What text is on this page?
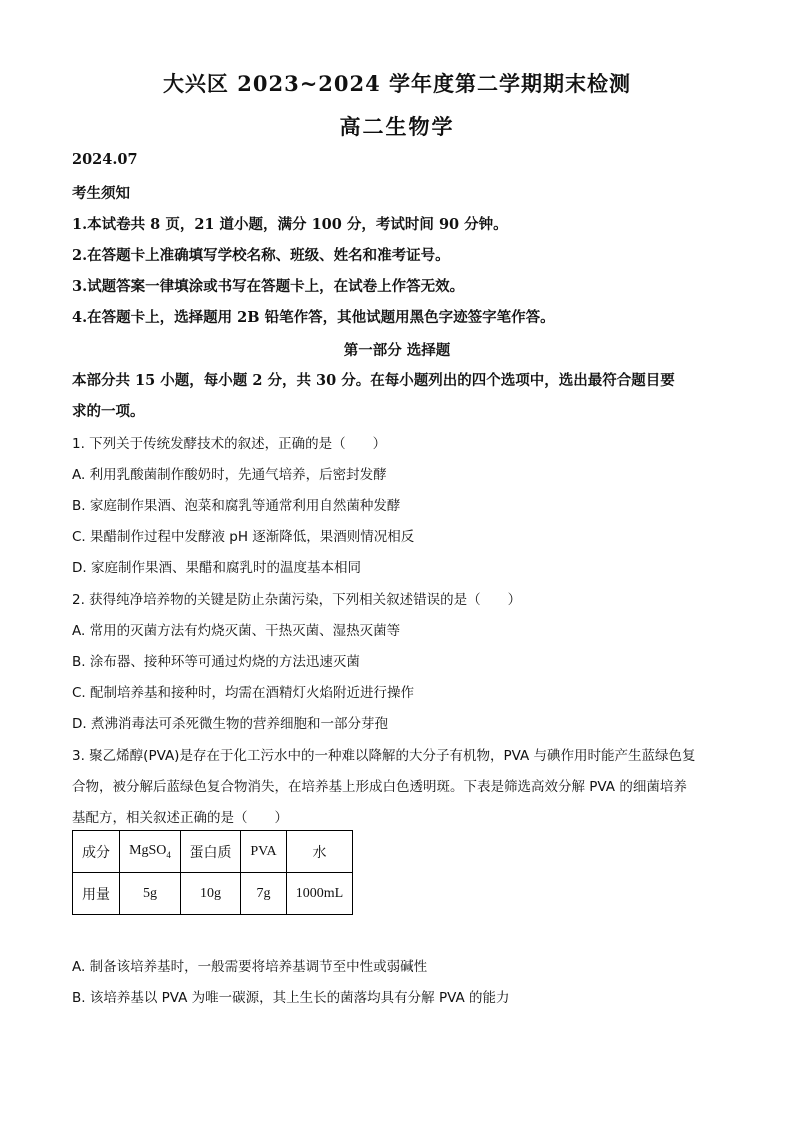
大兴区 2023~2024 学年度第二学期期末检测
高二生物学
2024.07
考生须知
1.本试卷共 8 页，21 道小题，满分 100 分，考试时间 90 分钟。
2.在答题卡上准确填写学校名称、班级、姓名和准考证号。
3.试题答案一律填涂或书写在答题卡上，在试卷上作答无效。
4.在答题卡上，选择题用 2B 铅笔作答，其他试题用黑色字迹签字笔作答。
第一部分 选择题
本部分共 15 小题，每小题 2 分，共 30 分。在每小题列出的四个选项中，选出最符合题目要
求的一项。
1. 下列关于传统发酵技术的叙述，正确的是（　　）
A. 利用乳酸菌制作酸奶时，先通气培养，后密封发酵
B. 家庭制作果酒、泡菜和腐乳等通常利用自然菌种发酵
C. 果醋制作过程中发酵液 pH 逐渐降低，果酒则情况相反
D. 家庭制作果酒、果醋和腐乳时的温度基本相同
2. 获得纯净培养物的关键是防止杂菌污染，下列相关叙述错误的是（　　）
A. 常用的灭菌方法有灼烧灭菌、干热灭菌、湿热灭菌等
B. 涂布器、接种环等可通过灼烧的方法迅速灭菌
C. 配制培养基和接种时，均需在酒精灯火焰附近进行操作
D. 煮沸消毒法可杀死微生物的营养细胞和一部分芽孢
3. 聚乙烯醇(PVA)是存在于化工污水中的一种难以降解的大分子有机物，PVA 与碘作用时能产生蓝绿色复
合物，被分解后蓝绿色复合物消失，在培养基上形成白色透明斑。下表是筛选高效分解 PVA 的细菌培养
基配方，相关叙述正确的是（　　）
成分	MgSO$_4$	蛋白质	PVA	水
用量	5g	10g	7g	1000mL
A. 制备该培养基时，一般需要将培养基调节至中性或弱碱性
B. 该培养基以 PVA 为唯一碳源，其上生长的菌落均具有分解 PVA 的能力
